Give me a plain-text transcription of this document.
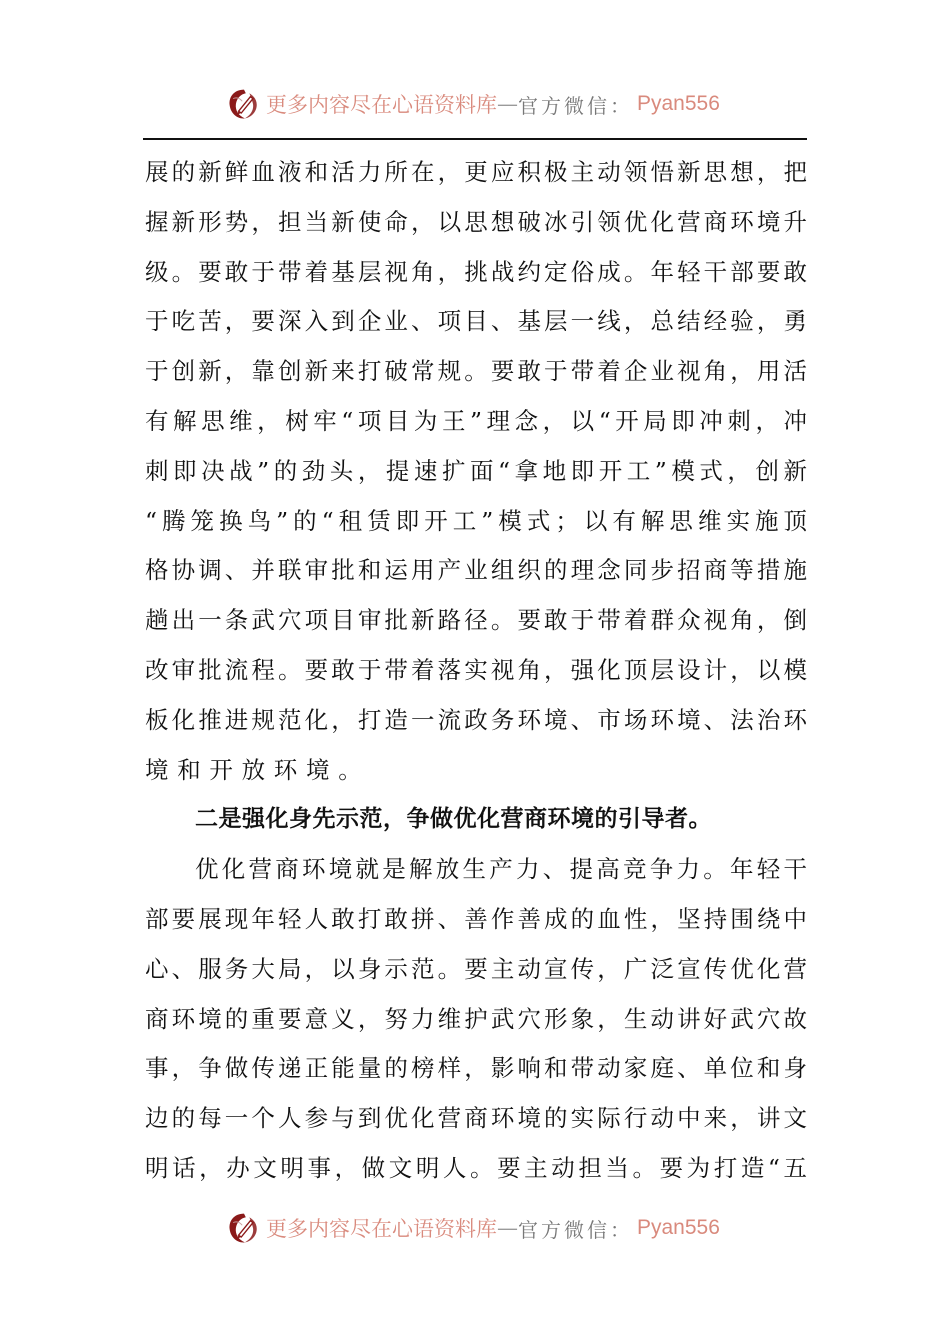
更多内容尽在心语资料库 — 官方微信： Pyan556
展的新鲜血液和活力所在，更应积极主动领悟新思想，把
握新形势，担当新使命，以思想破冰引领优化营商环境升
级。要敢于带着基层视角，挑战约定俗成。年轻干部要敢
于吃苦，要深入到企业、项目、基层一线，总结经验，勇
于创新，靠创新来打破常规。要敢于带着企业视角，用活
有解思维，树牢“项目为王”理念，以“开局即冲刺，冲
刺即决战”的劲头，提速扩面“拿地即开工”模式，创新
“腾笼换鸟”的“租赁即开工”模式；以有解思维实施顶
格协调、并联审批和运用产业组织的理念同步招商等措施
趟出一条武穴项目审批新路径。要敢于带着群众视角，倒
改审批流程。要敢于带着落实视角，强化顶层设计，以模
板化推进规范化，打造一流政务环境、市场环境、法治环
境和开放环境。
二是强化身先示范，争做优化营商环境的引导者。
优化营商环境就是解放生产力、提高竞争力。年轻干
部要展现年轻人敢打敢拼、善作善成的血性，坚持围绕中
心、服务大局，以身示范。要主动宣传，广泛宣传优化营
商环境的重要意义，努力维护武穴形象，生动讲好武穴故
事，争做传递正能量的榜样，影响和带动家庭、单位和身
边的每一个人参与到优化营商环境的实际行动中来，讲文
明话，办文明事，做文明人。要主动担当。要为打造“五
更多内容尽在心语资料库 — 官方微信： Pyan556
